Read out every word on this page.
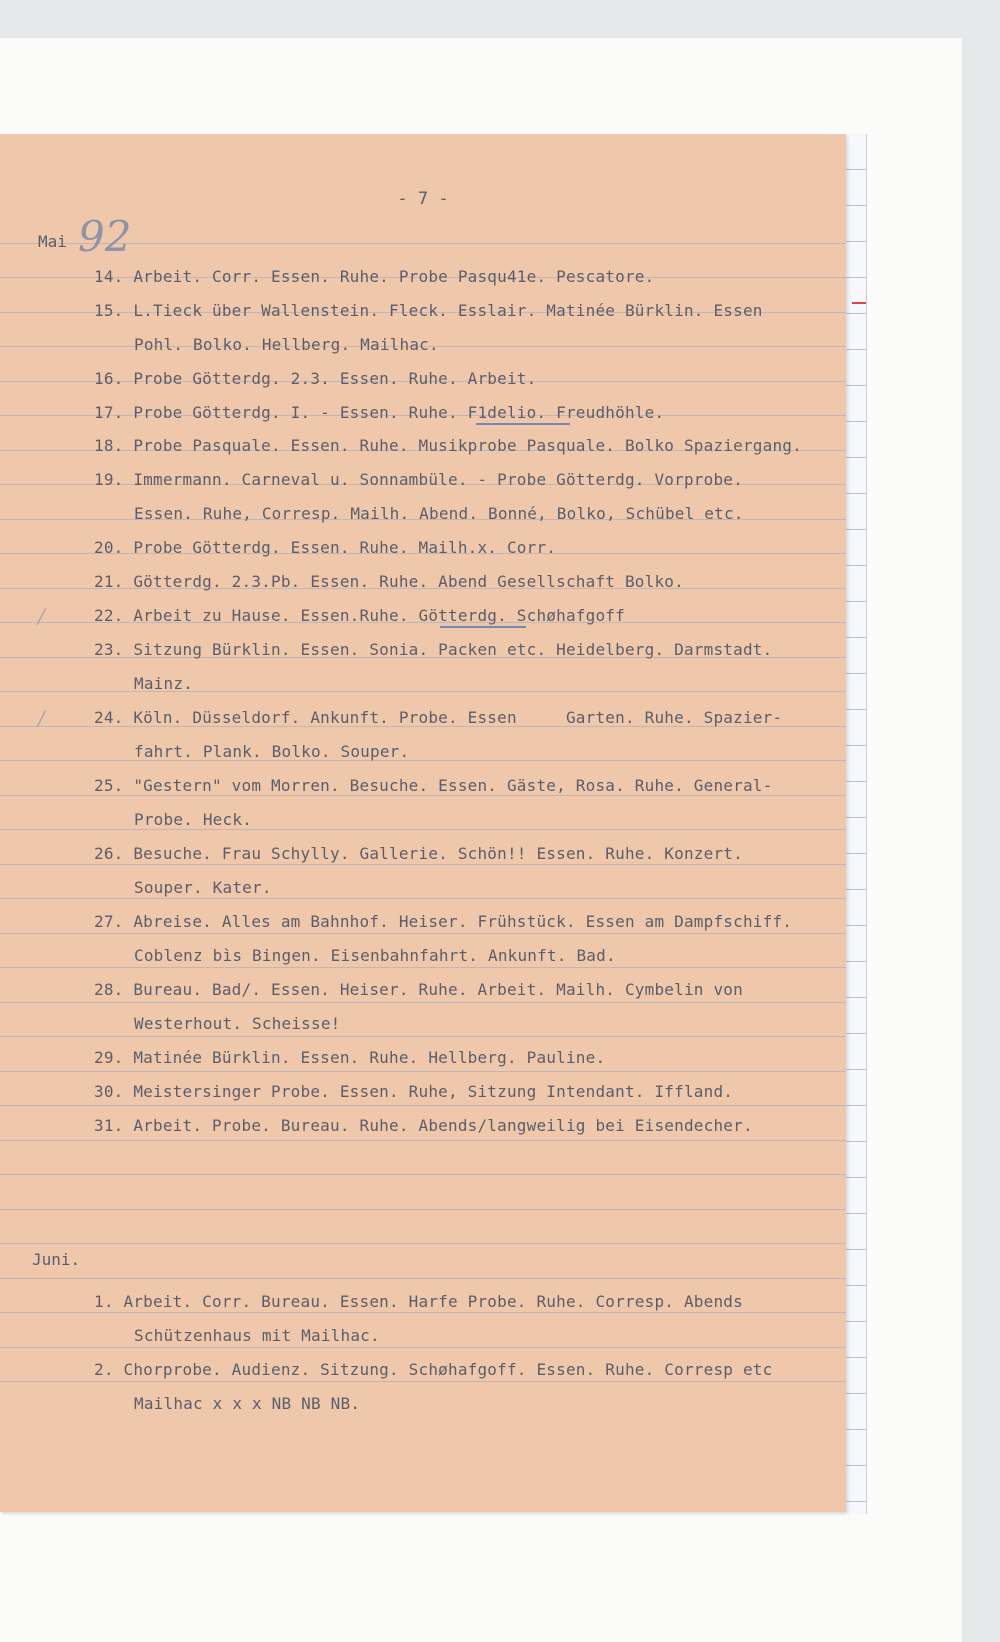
- 7 -
Mai 92
14. Arbeit. Corr. Essen. Ruhe. Probe Pasqu41e. Pescatore.
15. L.Tieck über Wallenstein. Fleck. Esslair. Matinée Bürklin. Essen
Pohl. Bolko. Hellberg. Mailhac.
16. Probe Götterdg. 2.3. Essen. Ruhe. Arbeit.
17. Probe Götterdg. I. - Essen. Ruhe. F1delio. Freudhöhle.
18. Probe Pasquale. Essen. Ruhe. Musikprobe Pasquale. Bolko Spaziergang.
19. Immermann. Carneval u. Sonnambüle. - Probe Götterdg. Vorprobe.
Essen. Ruhe, Corresp. Mailh. Abend. Bonné, Bolko, Schübel etc.
20. Probe Götterdg. Essen. Ruhe. Mailh.x. Corr.
21. Götterdg. 2.3.Pb. Essen. Ruhe. Abend Gesellschaft Bolko.
22. Arbeit zu Hause. Essen.Ruhe. Götterdg. Schøhafgoff
/
23. Sitzung Bürklin. Essen. Sonia. Packen etc. Heidelberg. Darmstadt.
Mainz.
24. Köln. Düsseldorf. Ankunft. Probe. Essen     Garten. Ruhe. Spazier-
/
fahrt. Plank. Bolko. Souper.
25. "Gestern" vom Morren. Besuche. Essen. Gäste, Rosa. Ruhe. General-
Probe. Heck.
26. Besuche. Frau Schylly. Gallerie. Schön!! Essen. Ruhe. Konzert.
Souper. Kater.
27. Abreise. Alles am Bahnhof. Heiser. Frühstück. Essen am Dampfschiff.
Coblenz bìs Bingen. Eisenbahnfahrt. Ankunft. Bad.
28. Bureau. Bad/. Essen. Heiser. Ruhe. Arbeit. Mailh. Cymbelin von
Westerhout. Scheisse!
29. Matinée Bürklin. Essen. Ruhe. Hellberg. Pauline.
30. Meistersinger Probe. Essen. Ruhe, Sitzung Intendant. Iffland.
31. Arbeit. Probe. Bureau. Ruhe. Abends/langweilig bei Eisendecher.
Juni.
1. Arbeit. Corr. Bureau. Essen. Harfe Probe. Ruhe. Corresp. Abends
Schützenhaus mit Mailhac.
2. Chorprobe. Audienz. Sitzung. Schøhafgoff. Essen. Ruhe. Corresp etc
Mailhac x x x NB NB NB.
